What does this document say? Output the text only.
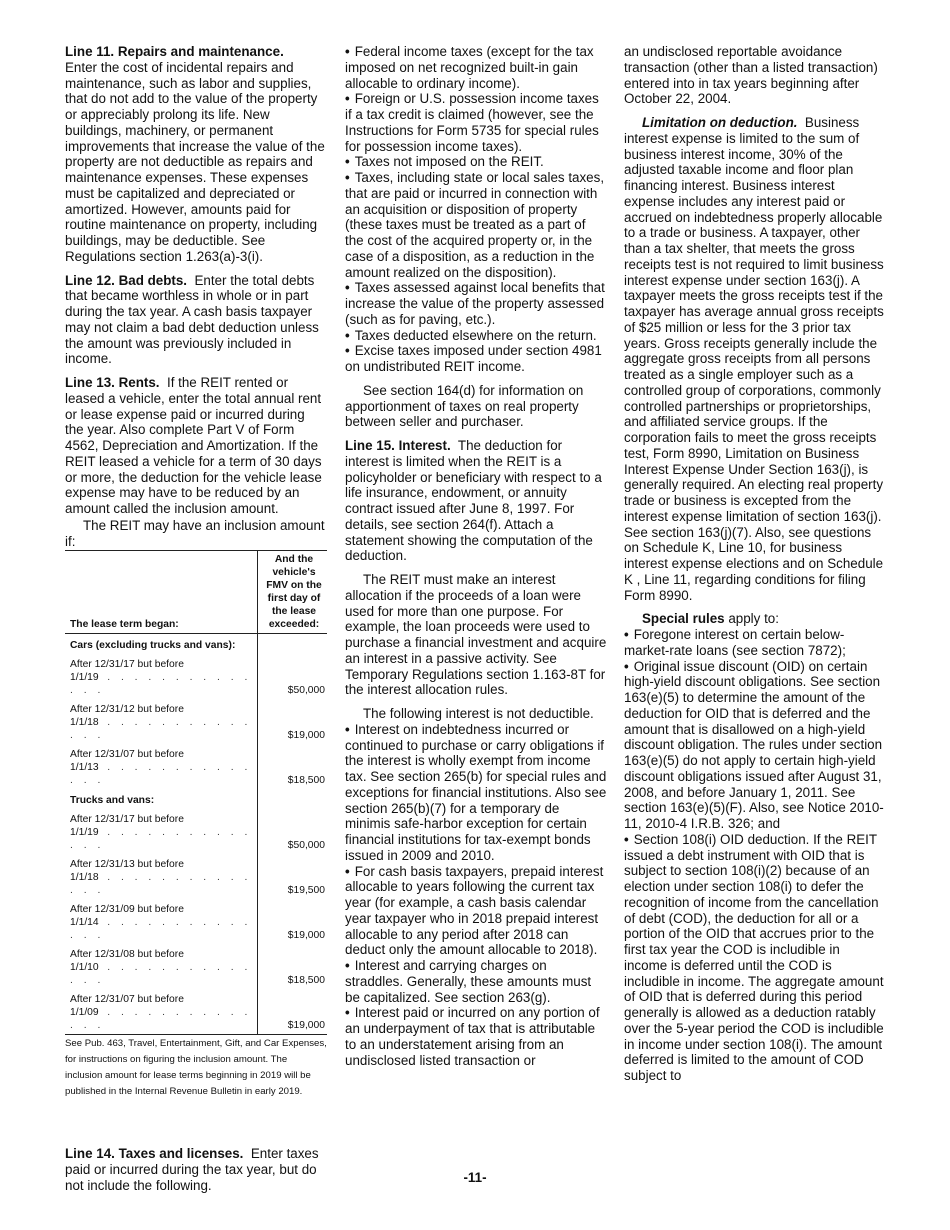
Line 11. Repairs and maintenance.
Enter the cost of incidental repairs and maintenance, such as labor and supplies, that do not add to the value of the property or appreciably prolong its life. New buildings, machinery, or permanent improvements that increase the value of the property are not deductible as repairs and maintenance expenses. These expenses must be capitalized and depreciated or amortized. However, amounts paid for routine maintenance on property, including buildings, may be deductible. See Regulations section 1.263(a)-3(i).

Line 12. Bad debts. Enter the total debts that became worthless in whole or in part during the tax year. A cash basis taxpayer may not claim a bad debt deduction unless the amount was previously included in income.

Line 13. Rents. If the REIT rented or leased a vehicle, enter the total annual rent or lease expense paid or incurred during the year. Also complete Part V of Form 4562, Depreciation and Amortization. If the REIT leased a vehicle for a term of 30 days or more, the deduction for the vehicle lease expense may have to be reduced by an amount called the inclusion amount.

The REIT may have an inclusion amount if:

The lease term began:	And the vehicle's FMV on the first day of the lease exceeded:
Cars (excluding trucks and vans):	
After 12/31/17 but before
1/1/19 . . . . . . . . . . . . . .	$50,000
After 12/31/12 but before
1/1/18 . . . . . . . . . . . . . .	$19,000
After 12/31/07 but before
1/1/13 . . . . . . . . . . . . . .	$18,500
Trucks and vans:	
After 12/31/17 but before
1/1/19 . . . . . . . . . . . . . .	$50,000
After 12/31/13 but before
1/1/18 . . . . . . . . . . . . . .	$19,500
After 12/31/09 but before
1/1/14 . . . . . . . . . . . . . .	$19,000
After 12/31/08 but before
1/1/10 . . . . . . . . . . . . . .	$18,500
After 12/31/07 but before
1/1/09 . . . . . . . . . . . . . .	$19,000

See Pub. 463, Travel, Entertainment, Gift, and Car Expenses, for instructions on figuring the inclusion amount. The inclusion amount for lease terms beginning in 2019 will be published in the Internal Revenue Bulletin in early 2019.

Line 14. Taxes and licenses. Enter taxes paid or incurred during the tax year, but do not include the following.

• Federal income taxes (except for the tax imposed on net recognized built-in gain allocable to ordinary income).

• Foreign or U.S. possession income taxes if a tax credit is claimed (however, see the Instructions for Form 5735 for special rules for possession income taxes).

• Taxes not imposed on the REIT.

• Taxes, including state or local sales taxes, that are paid or incurred in connection with an acquisition or disposition of property (these taxes must be treated as a part of the cost of the acquired property or, in the case of a disposition, as a reduction in the amount realized on the disposition).

• Taxes assessed against local benefits that increase the value of the property assessed (such as for paving, etc.).

• Taxes deducted elsewhere on the return.

• Excise taxes imposed under section 4981 on undistributed REIT income.

See section 164(d) for information on apportionment of taxes on real property between seller and purchaser.

Line 15. Interest. The deduction for interest is limited when the REIT is a policyholder or beneficiary with respect to a life insurance, endowment, or annuity contract issued after June 8, 1997. For details, see section 264(f). Attach a statement showing the computation of the deduction.

The REIT must make an interest allocation if the proceeds of a loan were used for more than one purpose. For example, the loan proceeds were used to purchase a financial investment and acquire an interest in a passive activity. See Temporary Regulations section 1.163-8T for the interest allocation rules.

The following interest is not deductible.

• Interest on indebtedness incurred or continued to purchase or carry obligations if the interest is wholly exempt from income tax. See section 265(b) for special rules and exceptions for financial institutions. Also see section 265(b)(7) for a temporary de minimis safe-harbor exception for certain financial institutions for tax-exempt bonds issued in 2009 and 2010.

• For cash basis taxpayers, prepaid interest allocable to years following the current tax year (for example, a cash basis calendar year taxpayer who in 2018 prepaid interest allocable to any period after 2018 can deduct only the amount allocable to 2018).

• Interest and carrying charges on straddles. Generally, these amounts must be capitalized. See section 263(g).

• Interest paid or incurred on any portion of an underpayment of tax that is attributable to an understatement arising from an undisclosed listed transaction or

an undisclosed reportable avoidance transaction (other than a listed transaction) entered into in tax years beginning after October 22, 2004.

Limitation on deduction. Business interest expense is limited to the sum of business interest income, 30% of the adjusted taxable income and floor plan financing interest. Business interest expense includes any interest paid or accrued on indebtedness properly allocable to a trade or business. A taxpayer, other than a tax shelter, that meets the gross receipts test is not required to limit business interest expense under section 163(j). A taxpayer meets the gross receipts test if the taxpayer has average annual gross receipts of $25 million or less for the 3 prior tax years. Gross receipts generally include the aggregate gross receipts from all persons treated as a single employer such as a controlled group of corporations, commonly controlled partnerships or proprietorships, and affiliated service groups. If the corporation fails to meet the gross receipts test, Form 8990, Limitation on Business Interest Expense Under Section 163(j), is generally required. An electing real property trade or business is excepted from the interest expense limitation of section 163(j). See section 163(j)(7). Also, see questions on Schedule K, Line 10, for business interest expense elections and on Schedule K , Line 11, regarding conditions for filing Form 8990.

Special rules apply to:

• Foregone interest on certain below-market-rate loans (see section 7872);

• Original issue discount (OID) on certain high-yield discount obligations. See section 163(e)(5) to determine the amount of the deduction for OID that is deferred and the amount that is disallowed on a high-yield discount obligation. The rules under section 163(e)(5) do not apply to certain high-yield discount obligations issued after August 31, 2008, and before January 1, 2011. See section 163(e)(5)(F). Also, see Notice 2010-11, 2010-4 I.R.B. 326; and

• Section 108(i) OID deduction. If the REIT issued a debt instrument with OID that is subject to section 108(i)(2) because of an election under section 108(i) to defer the recognition of income from the cancellation of debt (COD), the deduction for all or a portion of the OID that accrues prior to the first tax year the COD is includible in income is deferred until the COD is includible in income. The aggregate amount of OID that is deferred during this period generally is allowed as a deduction ratably over the 5-year period the COD is includible in income under section 108(i). The amount deferred is limited to the amount of COD subject to

-11-
